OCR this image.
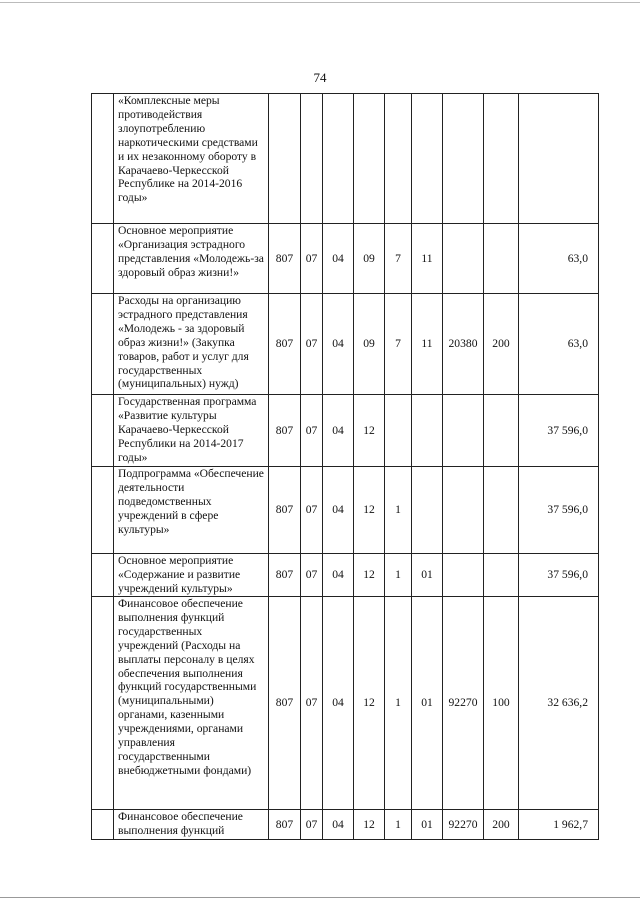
74
	«Комплексные меры противодействия злоупотреблению наркотическими средствами и их незаконному обороту в Карачаево-Черкесской Республике на 2014-2016 годы»									
	Основное мероприятие «Организация эстрадного представления «Молодежь-за здоровый образ жизни!»	807	07	04	09	7	11			63,0
	Расходы на организацию эстрадного представления «Молодежь - за здоровый образ жизни!» (Закупка товаров, работ и услуг для государственных (муниципальных) нужд)	807	07	04	09	7	11	20380	200	63,0
	Государственная программа «Развитие культуры Карачаево-Черкесской Республики на 2014-2017 годы»	807	07	04	12					37 596,0
	Подпрограмма «Обеспечение деятельности подведомственных учреждений в сфере культуры»	807	07	04	12	1				37 596,0
	Основное мероприятие «Содержание и развитие учреждений культуры»	807	07	04	12	1	01			37 596,0
	Финансовое обеспечение выполнения функций государственных учреждений (Расходы на выплаты персоналу в целях обеспечения выполнения функций государственными (муниципальными) органами, казенными учреждениями, органами управления государственными внебюджетными фондами)	807	07	04	12	1	01	92270	100	32 636,2
	Финансовое обеспечение выполнения функций	807	07	04	12	1	01	92270	200	1 962,7
